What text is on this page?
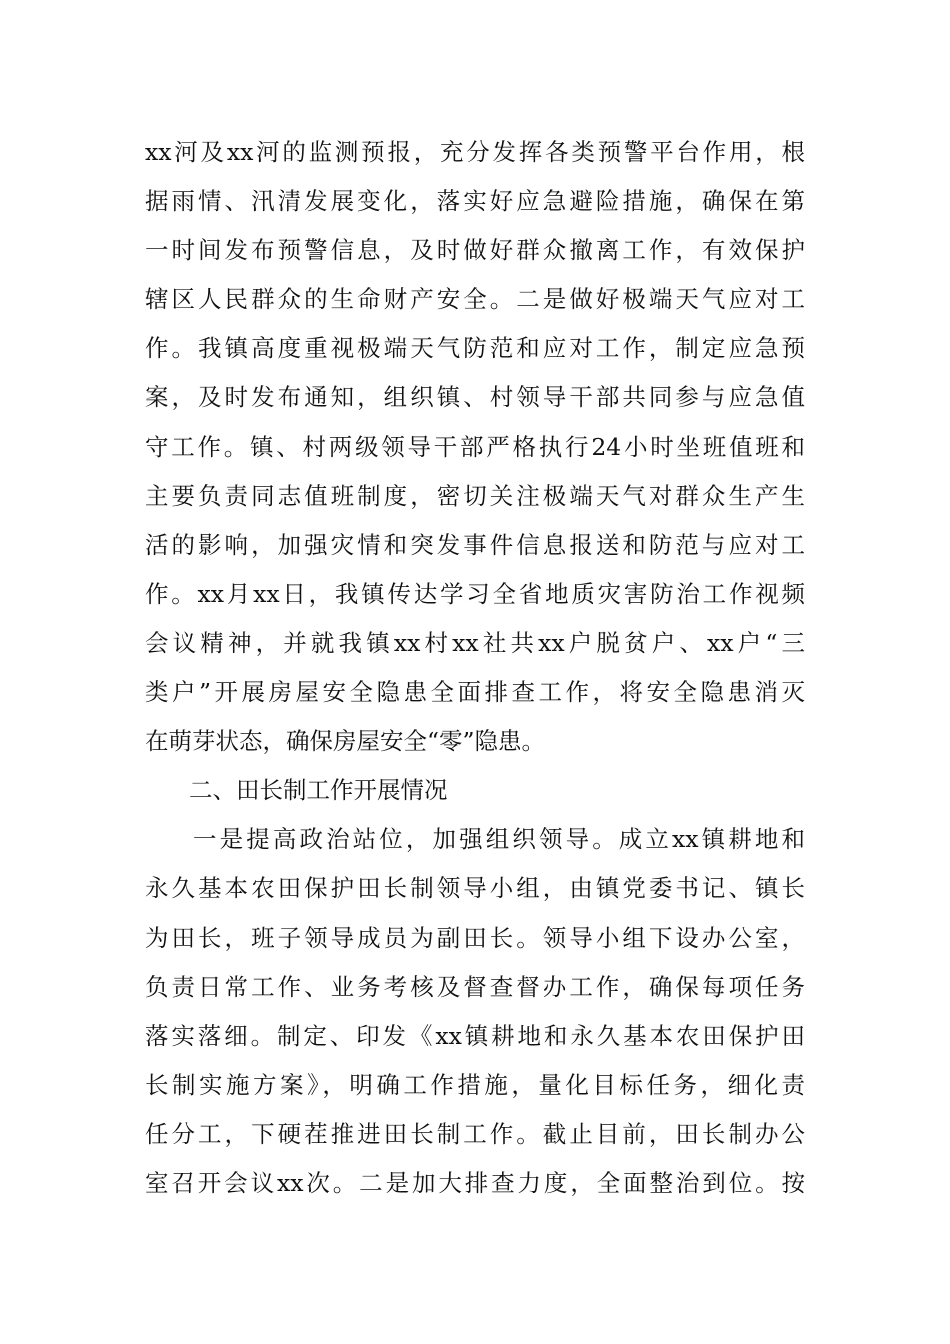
xx河及xx河的监测预报，充分发挥各类预警平台作用，根
据雨情、汛清发展变化，落实好应急避险措施，确保在第
一时间发布预警信息，及时做好群众撤离工作，有效保护
辖区人民群众的生命财产安全。二是做好极端天气应对工
作。我镇高度重视极端天气防范和应对工作，制定应急预
案，及时发布通知，组织镇、村领导干部共同参与应急值
守工作。镇、村两级领导干部严格执行24小时坐班值班和
主要负责同志值班制度，密切关注极端天气对群众生产生
活的影响，加强灾情和突发事件信息报送和防范与应对工
作。xx月xx日，我镇传达学习全省地质灾害防治工作视频
会议精神，并就我镇xx村xx社共xx户脱贫户、xx户“三
类户”开展房屋安全隐患全面排查工作，将安全隐患消灭
在萌芽状态，确保房屋安全“零”隐患。
二、田长制工作开展情况
一是提高政治站位，加强组织领导。成立xx镇耕地和
永久基本农田保护田长制领导小组，由镇党委书记、镇长
为田长，班子领导成员为副田长。领导小组下设办公室，
负责日常工作、业务考核及督查督办工作，确保每项任务
落实落细。制定、印发《xx镇耕地和永久基本农田保护田
长制实施方案》，明确工作措施，量化目标任务，细化责
任分工，下硬茬推进田长制工作。截止目前，田长制办公
室召开会议xx次。二是加大排查力度，全面整治到位。按
